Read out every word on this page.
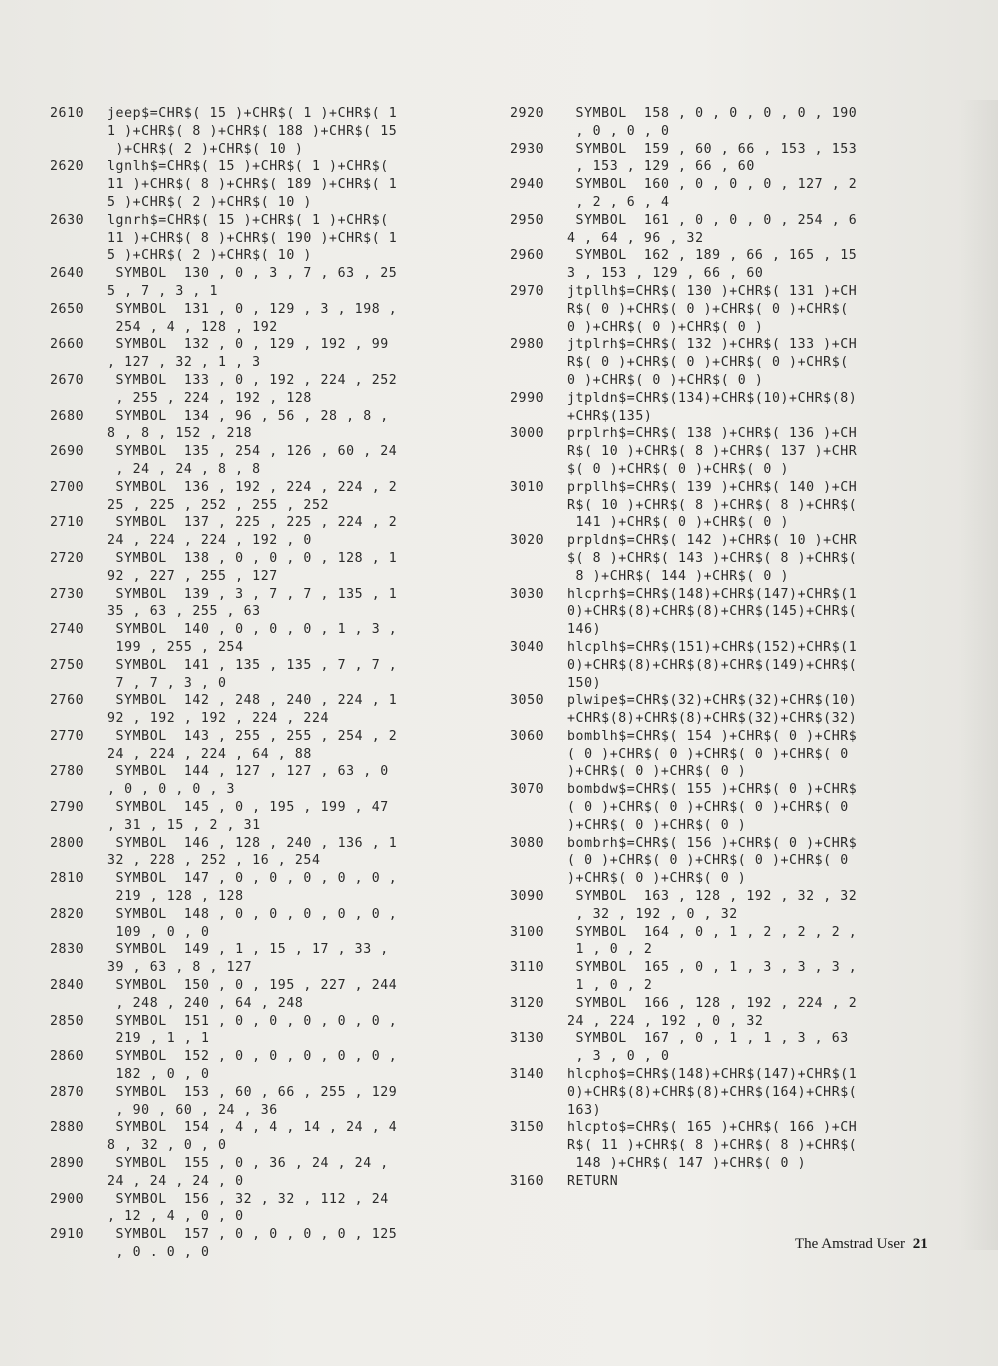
2610	jeep$=CHR$( 15 )+CHR$( 1 )+CHR$( 1
1 )+CHR$( 8 )+CHR$( 188 )+CHR$( 15
)+CHR$( 2 )+CHR$( 10 )
2620	lgnlh$=CHR$( 15 )+CHR$( 1 )+CHR$(
11 )+CHR$( 8 )+CHR$( 189 )+CHR$( 1
5 )+CHR$( 2 )+CHR$( 10 )
2630	lgnrh$=CHR$( 15 )+CHR$( 1 )+CHR$(
11 )+CHR$( 8 )+CHR$( 190 )+CHR$( 1
5 )+CHR$( 2 )+CHR$( 10 )
2640	SYMBOL  130 , 0 , 3 , 7 , 63 , 25
5 , 7 , 3 , 1
2650	SYMBOL  131 , 0 , 129 , 3 , 198 ,
254 , 4 , 128 , 192
2660	SYMBOL  132 , 0 , 129 , 192 , 99
, 127 , 32 , 1 , 3
2670	SYMBOL  133 , 0 , 192 , 224 , 252
, 255 , 224 , 192 , 128
2680	SYMBOL  134 , 96 , 56 , 28 , 8 ,
8 , 8 , 152 , 218
2690	SYMBOL  135 , 254 , 126 , 60 , 24
, 24 , 24 , 8 , 8
2700	SYMBOL  136 , 192 , 224 , 224 , 2
25 , 225 , 252 , 255 , 252
2710	SYMBOL  137 , 225 , 225 , 224 , 2
24 , 224 , 224 , 192 , 0
2720	SYMBOL  138 , 0 , 0 , 0 , 128 , 1
92 , 227 , 255 , 127
2730	SYMBOL  139 , 3 , 7 , 7 , 135 , 1
35 , 63 , 255 , 63
2740	SYMBOL  140 , 0 , 0 , 0 , 1 , 3 ,
199 , 255 , 254
2750	SYMBOL  141 , 135 , 135 , 7 , 7 ,
7 , 7 , 3 , 0
2760	SYMBOL  142 , 248 , 240 , 224 , 1
92 , 192 , 192 , 224 , 224
2770	SYMBOL  143 , 255 , 255 , 254 , 2
24 , 224 , 224 , 64 , 88
2780	SYMBOL  144 , 127 , 127 , 63 , 0
, 0 , 0 , 0 , 3
2790	SYMBOL  145 , 0 , 195 , 199 , 47
, 31 , 15 , 2 , 31
2800	SYMBOL  146 , 128 , 240 , 136 , 1
32 , 228 , 252 , 16 , 254
2810	SYMBOL  147 , 0 , 0 , 0 , 0 , 0 ,
219 , 128 , 128
2820	SYMBOL  148 , 0 , 0 , 0 , 0 , 0 ,
109 , 0 , 0
2830	SYMBOL  149 , 1 , 15 , 17 , 33 ,
39 , 63 , 8 , 127
2840	SYMBOL  150 , 0 , 195 , 227 , 244
, 248 , 240 , 64 , 248
2850	SYMBOL  151 , 0 , 0 , 0 , 0 , 0 ,
219 , 1 , 1
2860	SYMBOL  152 , 0 , 0 , 0 , 0 , 0 ,
182 , 0 , 0
2870	SYMBOL  153 , 60 , 66 , 255 , 129
, 90 , 60 , 24 , 36
2880	SYMBOL  154 , 4 , 4 , 14 , 24 , 4
8 , 32 , 0 , 0
2890	SYMBOL  155 , 0 , 36 , 24 , 24 ,
24 , 24 , 24 , 0
2900	SYMBOL  156 , 32 , 32 , 112 , 24
, 12 , 4 , 0 , 0
2910	SYMBOL  157 , 0 , 0 , 0 , 0 , 125
, 0 . 0 , 0
2920	SYMBOL  158 , 0 , 0 , 0 , 0 , 190
, 0 , 0 , 0
2930	SYMBOL  159 , 60 , 66 , 153 , 153
, 153 , 129 , 66 , 60
2940	SYMBOL  160 , 0 , 0 , 0 , 127 , 2
, 2 , 6 , 4
2950	SYMBOL  161 , 0 , 0 , 0 , 254 , 6
4 , 64 , 96 , 32
2960	SYMBOL  162 , 189 , 66 , 165 , 15
3 , 153 , 129 , 66 , 60
2970	jtpllh$=CHR$( 130 )+CHR$( 131 )+CH
R$( 0 )+CHR$( 0 )+CHR$( 0 )+CHR$(
0 )+CHR$( 0 )+CHR$( 0 )
2980	jtplrh$=CHR$( 132 )+CHR$( 133 )+CH
R$( 0 )+CHR$( 0 )+CHR$( 0 )+CHR$(
0 )+CHR$( 0 )+CHR$( 0 )
2990	jtpldn$=CHR$(134)+CHR$(10)+CHR$(8)
+CHR$(135)
3000	prplrh$=CHR$( 138 )+CHR$( 136 )+CH
R$( 10 )+CHR$( 8 )+CHR$( 137 )+CHR
$( 0 )+CHR$( 0 )+CHR$( 0 )
3010	prpllh$=CHR$( 139 )+CHR$( 140 )+CH
R$( 10 )+CHR$( 8 )+CHR$( 8 )+CHR$(
141 )+CHR$( 0 )+CHR$( 0 )
3020	prpldn$=CHR$( 142 )+CHR$( 10 )+CHR
$( 8 )+CHR$( 143 )+CHR$( 8 )+CHR$(
8 )+CHR$( 144 )+CHR$( 0 )
3030	hlcprh$=CHR$(148)+CHR$(147)+CHR$(1
0)+CHR$(8)+CHR$(8)+CHR$(145)+CHR$(
146)
3040	hlcplh$=CHR$(151)+CHR$(152)+CHR$(1
0)+CHR$(8)+CHR$(8)+CHR$(149)+CHR$(
150)
3050	plwipe$=CHR$(32)+CHR$(32)+CHR$(10)
+CHR$(8)+CHR$(8)+CHR$(32)+CHR$(32)
3060	bomblh$=CHR$( 154 )+CHR$( 0 )+CHR$
( 0 )+CHR$( 0 )+CHR$( 0 )+CHR$( 0
)+CHR$( 0 )+CHR$( 0 )
3070	bombdw$=CHR$( 155 )+CHR$( 0 )+CHR$
( 0 )+CHR$( 0 )+CHR$( 0 )+CHR$( 0
)+CHR$( 0 )+CHR$( 0 )
3080	bombrh$=CHR$( 156 )+CHR$( 0 )+CHR$
( 0 )+CHR$( 0 )+CHR$( 0 )+CHR$( 0
)+CHR$( 0 )+CHR$( 0 )
3090	SYMBOL  163 , 128 , 192 , 32 , 32
, 32 , 192 , 0 , 32
3100	SYMBOL  164 , 0 , 1 , 2 , 2 , 2 ,
1 , 0 , 2
3110	SYMBOL  165 , 0 , 1 , 3 , 3 , 3 ,
1 , 0 , 2
3120	SYMBOL  166 , 128 , 192 , 224 , 2
24 , 224 , 192 , 0 , 32
3130	SYMBOL  167 , 0 , 1 , 1 , 3 , 63
, 3 , 0 , 0
3140	hlcpho$=CHR$(148)+CHR$(147)+CHR$(1
0)+CHR$(8)+CHR$(8)+CHR$(164)+CHR$(
163)
3150	hlcpto$=CHR$( 165 )+CHR$( 166 )+CH
R$( 11 )+CHR$( 8 )+CHR$( 8 )+CHR$(
148 )+CHR$( 147 )+CHR$( 0 )
3160	RETURN
The Amstrad User 21
